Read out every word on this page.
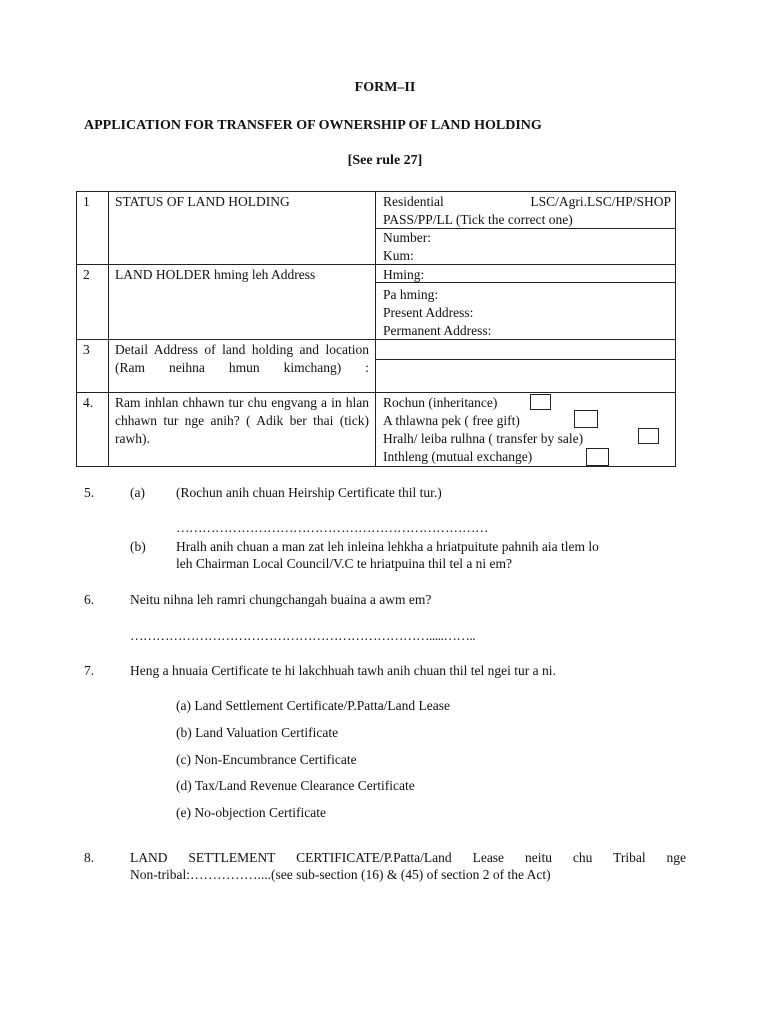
FORM–II
APPLICATION FOR TRANSFER OF OWNERSHIP OF LAND HOLDING
[See rule 27]
1 STATUS OF LAND HOLDING	Residential	LSC/Agri.LSC/HP/SHOP
PASS/PP/LL (Tick the correct one)
Number:
Kum:
2 LAND HOLDER hming leh Address	Hming:
Pa hming:
Present Address:
Permanent Address:
3 Detail Address of land holding and location (Ram neihna hmun kimchang) :
4. Ram inhlan chhawn tur chu engvang a in hlan chhawn tur nge anih? ( Adik ber thai (tick) rawh).
Rochun (inheritance)
A thlawna pek ( free gift)
Hralh/ leiba rulhna ( transfer by sale)
Inthleng (mutual exchange)
5.	(a) (Rochun anih chuan Heirship Certificate thil tur.)
………………………………………………………………
(b) Hralh anih chuan a man zat leh inleina lehkha a hriatpuitute pahnih aia tlem lo
leh Chairman Local Council/V.C te hriatpuina thil tel a ni em?
6.	Neitu nihna leh ramri chungchangah buaina a awm em?
…………………………………………………………….....……..
7.	Heng a hnuaia Certificate te hi lakchhuah tawh anih chuan thil tel ngei tur a ni.
(a) Land Settlement Certificate/P.Patta/Land Lease
(b) Land Valuation Certificate
(c) Non-Encumbrance Certificate
(d) Tax/Land Revenue Clearance Certificate
(e) No-objection Certificate
8.	LAND SETTLEMENT CERTIFICATE/P.Patta/Land Lease neitu chu Tribal nge
Non-tribal:……………....(see sub-section (16) & (45) of section 2 of the Act)
